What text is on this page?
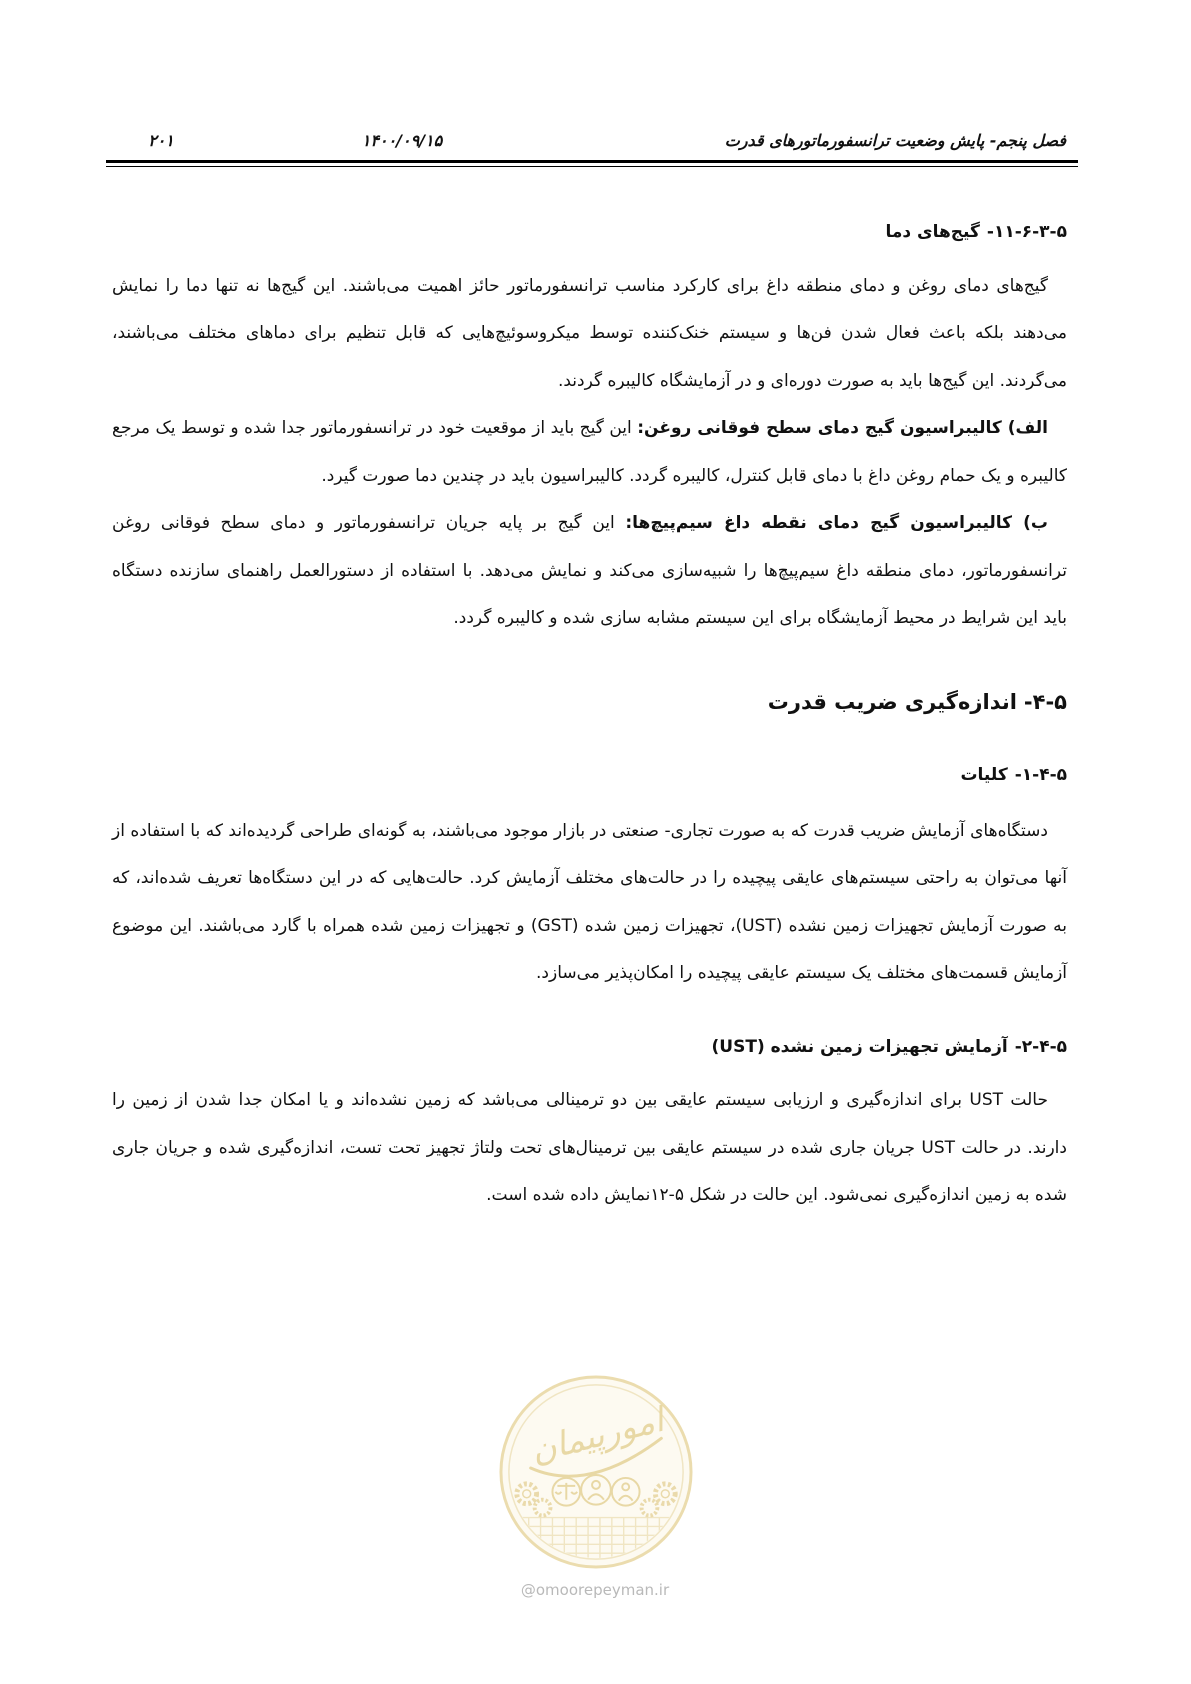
فصل پنجم- پایش وضعیت ترانسفورماتورهای قدرت
۱۴۰۰/۰۹/۱۵
۲۰۱
۵-۳-۶-۱۱-گیج‌های دما

گیج‌های دمای روغن و دمای منطقه داغ برای کارکرد مناسب ترانسفورماتور حائز اهمیت می‌باشند. این گیج‌ها نه تنها دما را نمایش می‌دهند بلکه باعث فعال شدن فن‌ها و سیستم خنک‌کننده توسط میکروسوئیچ‌هایی که قابل تنظیم برای دماهای مختلف می‌باشند، می‌گردند. این گیج‌ها باید به صورت دوره‌ای و در آزمایشگاه کالیبره گردند.

الف) کالیبراسیون گیج دمای سطح فوقانی روغن: این گیج باید از موقعیت خود در ترانسفورماتور جدا شده و توسط یک مرجع کالیبره و یک حمام روغن داغ با دمای قابل کنترل، کالیبره گردد. کالیبراسیون باید در چندین دما صورت گیرد.

ب) کالیبراسیون گیج دمای نقطه داغ سیم‌پیچ‌ها: این گیج بر پایه جریان ترانسفورماتور و دمای سطح فوقانی روغن ترانسفورماتور، دمای منطقه داغ سیم‌پیچ‌ها را شبیه‌سازی می‌کند و نمایش می‌دهد. با استفاده از دستورالعمل راهنمای سازنده دستگاه باید این شرایط در محیط آزمایشگاه برای این سیستم مشابه سازی شده و کالیبره گردد.

۵-۴-اندازه‌گیری ضریب قدرت
۵-۴-۱-کلیات

دستگاه‌های آزمایش ضریب قدرت که به صورت تجاری- صنعتی در بازار موجود می‌باشند، به گونه‌ای طراحی گردیده‌اند که با استفاده از آنها می‌توان به راحتی سیستم‌های عایقی پیچیده را در حالت‌های مختلف آزمایش کرد. حالت‌هایی که در این دستگاه‌ها تعریف شده‌اند، که به صورت آزمایش تجهیزات زمین نشده (UST)، تجهیزات زمین شده (GST) و تجهیزات زمین شده همراه با گارد می‌باشند. این موضوع آزمایش قسمت‌های مختلف یک سیستم عایقی پیچیده را امکان‌پذیر می‌سازد.

۵-۴-۲-آزمایش تجهیزات زمین نشده (UST)

حالت UST برای اندازه‌گیری و ارزیابی سیستم عایقی بین دو ترمینالی می‌باشد که زمین نشده‌اند و یا امکان جدا شدن از زمین را دارند. در حالت UST جریان جاری شده در سیستم عایقی بین ترمینال‌های تحت ولتاژ تجهیز تحت تست، اندازه‌گیری شده و جریان جاری شده به زمین اندازه‌گیری نمی‌شود. این حالت در شکل ۵-۱۲نمایش داده شده است.

امورپیمان
@omoorepeyman.ir
